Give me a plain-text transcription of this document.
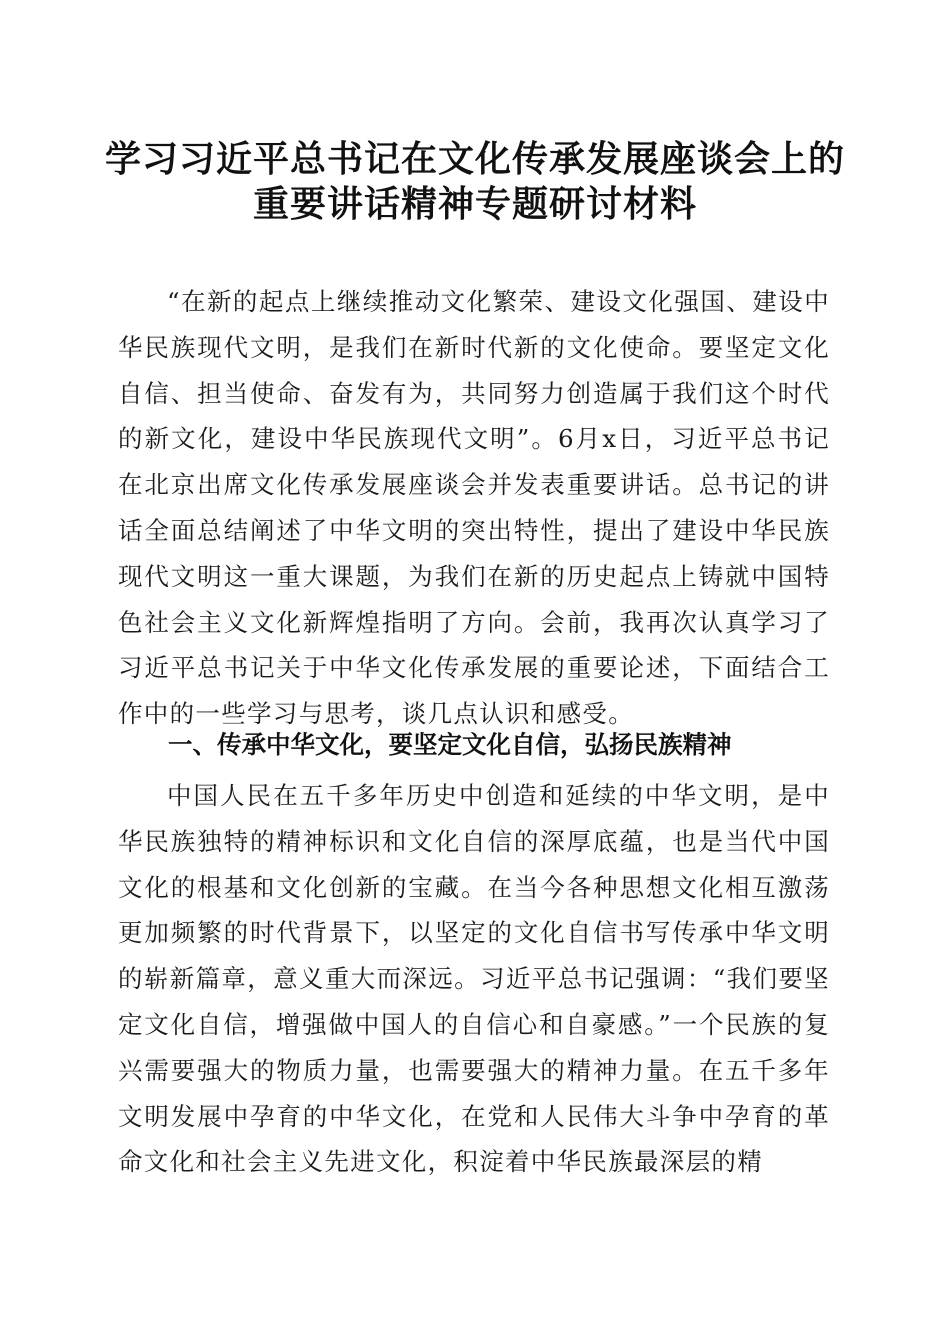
学习习近平总书记在文化传承发展座谈会上的
重要讲话精神专题研讨材料

“在新的起点上继续推动文化繁荣、建设文化强国、建设中华民族现代文明，是我们在新时代新的文化使命。要坚定文化自信、担当使命、奋发有为，共同努力创造属于我们这个时代的新文化，建设中华民族现代文明”。6月x日，习近平总书记在北京出席文化传承发展座谈会并发表重要讲话。总书记的讲话全面总结阐述了中华文明的突出特性，提出了建设中华民族现代文明这一重大课题，为我们在新的历史起点上铸就中国特色社会主义文化新辉煌指明了方向。会前，我再次认真学习了习近平总书记关于中华文化传承发展的重要论述，下面结合工作中的一些学习与思考，谈几点认识和感受。

一、传承中华文化，要坚定文化自信，弘扬民族精神

中国人民在五千多年历史中创造和延续的中华文明，是中华民族独特的精神标识和文化自信的深厚底蕴，也是当代中国文化的根基和文化创新的宝藏。在当今各种思想文化相互激荡更加频繁的时代背景下，以坚定的文化自信书写传承中华文明的崭新篇章，意义重大而深远。习近平总书记强调：“我们要坚定文化自信，增强做中国人的自信心和自豪感。”一个民族的复兴需要强大的物质力量，也需要强大的精神力量。在五千多年文明发展中孕育的中华文化，在党和人民伟大斗争中孕育的革命文化和社会主义先进文化，积淀着中华民族最深层的精
